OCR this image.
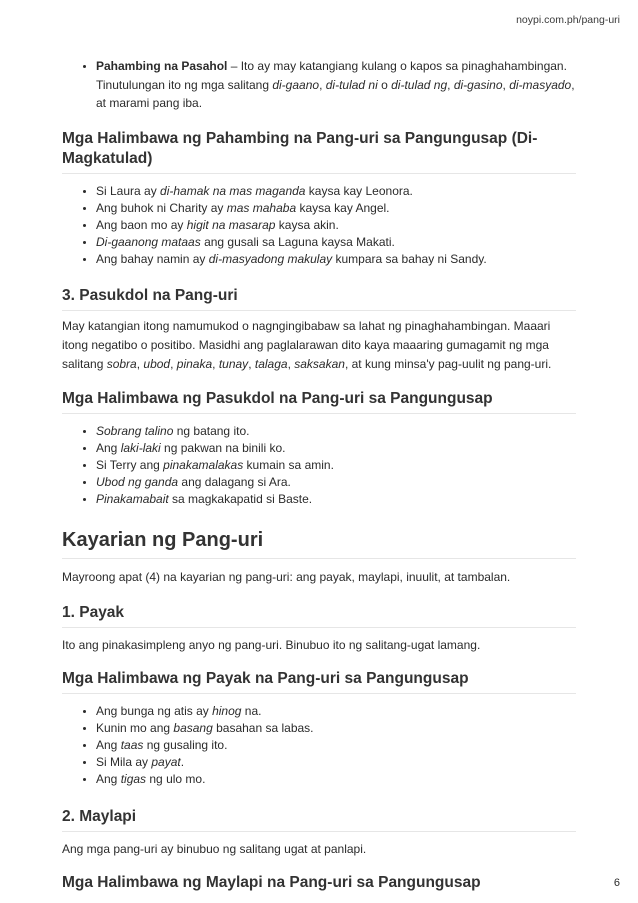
noypi.com.ph/pang-uri
• Pahambing na Pasahol – Ito ay may katangiang kulang o kapos sa pinaghahambingan. Tinutulungan ito ng mga salitang di-gaano, di-tulad ni o di-tulad ng, di-gasino, di-masyado, at marami pang iba.
Mga Halimbawa ng Pahambing na Pang-uri sa Pangungusap (Di-Magkatulad)
• Si Laura ay di-hamak na mas maganda kaysa kay Leonora.
• Ang buhok ni Charity ay mas mahaba kaysa kay Angel.
• Ang baon mo ay higit na masarap kaysa akin.
• Di-gaanong mataas ang gusali sa Laguna kaysa Makati.
• Ang bahay namin ay di-masyadong makulay kumpara sa bahay ni Sandy.
3. Pasukdol na Pang-uri

May katangian itong namumukod o nagngingibabaw sa lahat ng pinaghahambingan. Maaari itong negatibo o positibo. Masidhi ang paglalarawan dito kaya maaaring gumagamit ng mga salitang sobra, ubod, pinaka, tunay, talaga, saksakan, at kung minsa'y pag-uulit ng pang-uri.

Mga Halimbawa ng Pasukdol na Pang-uri sa Pangungusap
• Sobrang talino ng batang ito.
• Ang laki-laki ng pakwan na binili ko.
• Si Terry ang pinakamalakas kumain sa amin.
• Ubod ng ganda ang dalagang si Ara.
• Pinakamabait sa magkakapatid si Baste.
Kayarian ng Pang-uri

Mayroong apat (4) na kayarian ng pang-uri: ang payak, maylapi, inuulit, at tambalan.

1. Payak

Ito ang pinakasimpleng anyo ng pang-uri. Binubuo ito ng salitang-ugat lamang.

Mga Halimbawa ng Payak na Pang-uri sa Pangungusap
• Ang bunga ng atis ay hinog na.
• Kunin mo ang basang basahan sa labas.
• Ang taas ng gusaling ito.
• Si Mila ay payat.
• Ang tigas ng ulo mo.
2. Maylapi

Ang mga pang-uri ay binubuo ng salitang ugat at panlapi.

Mga Halimbawa ng Maylapi na Pang-uri sa Pangungusap	6
